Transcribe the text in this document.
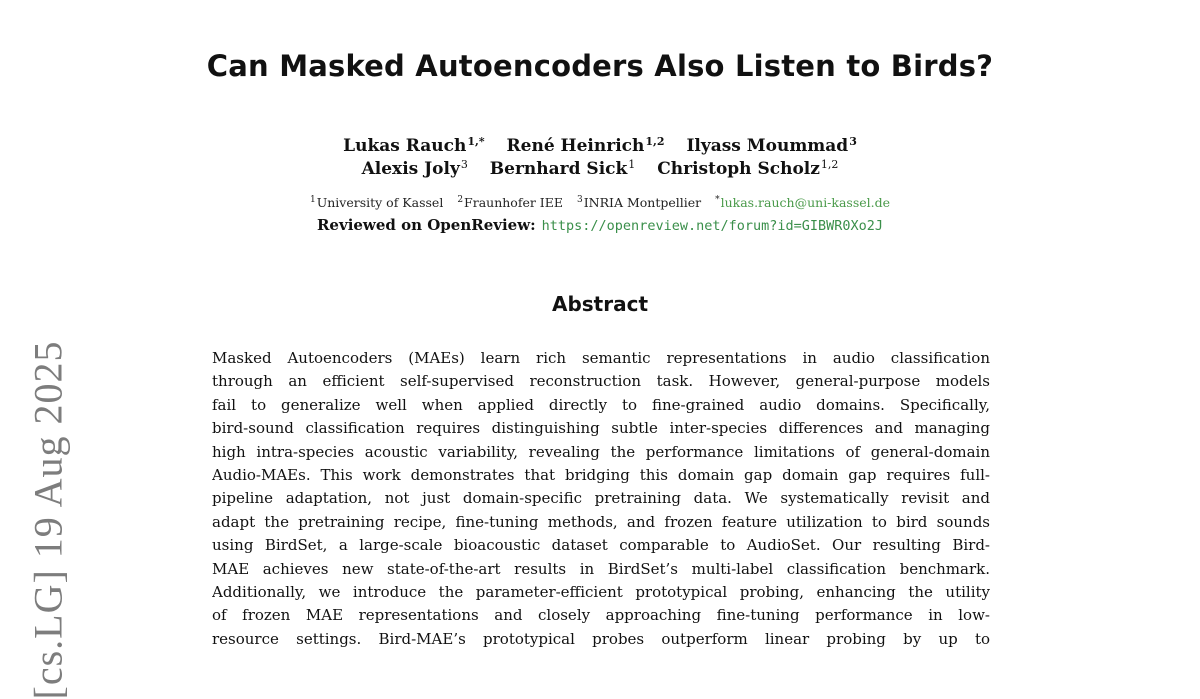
[cs.LG] 19 Aug 2025
Can Masked Autoencoders Also Listen to Birds?
Lukas Rauch$^{1,*}$ René Heinrich$^{1,2}$ Ilyass Moummad$^3$
Alexis Joly$^3$ Bernhard Sick$^1$ Christoph Scholz$^{1,2}$
$^1$University of Kassel $^2$Fraunhofer IEE $^3$INRIA Montpellier *lukas.rauch@uni-kassel.de
Reviewed on OpenReview: https://openreview.net/forum?id=GIBWR0Xo2J
Abstract
Masked Autoencoders (MAEs) learn rich semantic representations in audio classification
through an efficient self-supervised reconstruction task. However, general-purpose models
fail to generalize well when applied directly to fine-grained audio domains. Specifically,
bird-sound classification requires distinguishing subtle inter-species differences and managing
high intra-species acoustic variability, revealing the performance limitations of general-domain
Audio-MAEs. This work demonstrates that bridging this domain gap domain gap requires full-
pipeline adaptation, not just domain-specific pretraining data. We systematically revisit and
adapt the pretraining recipe, fine-tuning methods, and frozen feature utilization to bird sounds
using BirdSet, a large-scale bioacoustic dataset comparable to AudioSet. Our resulting Bird-
MAE achieves new state-of-the-art results in BirdSet’s multi-label classification benchmark.
Additionally, we introduce the parameter-efficient prototypical probing, enhancing the utility
of frozen MAE representations and closely approaching fine-tuning performance in low-
resource settings. Bird-MAE’s prototypical probes outperform linear probing by up to
